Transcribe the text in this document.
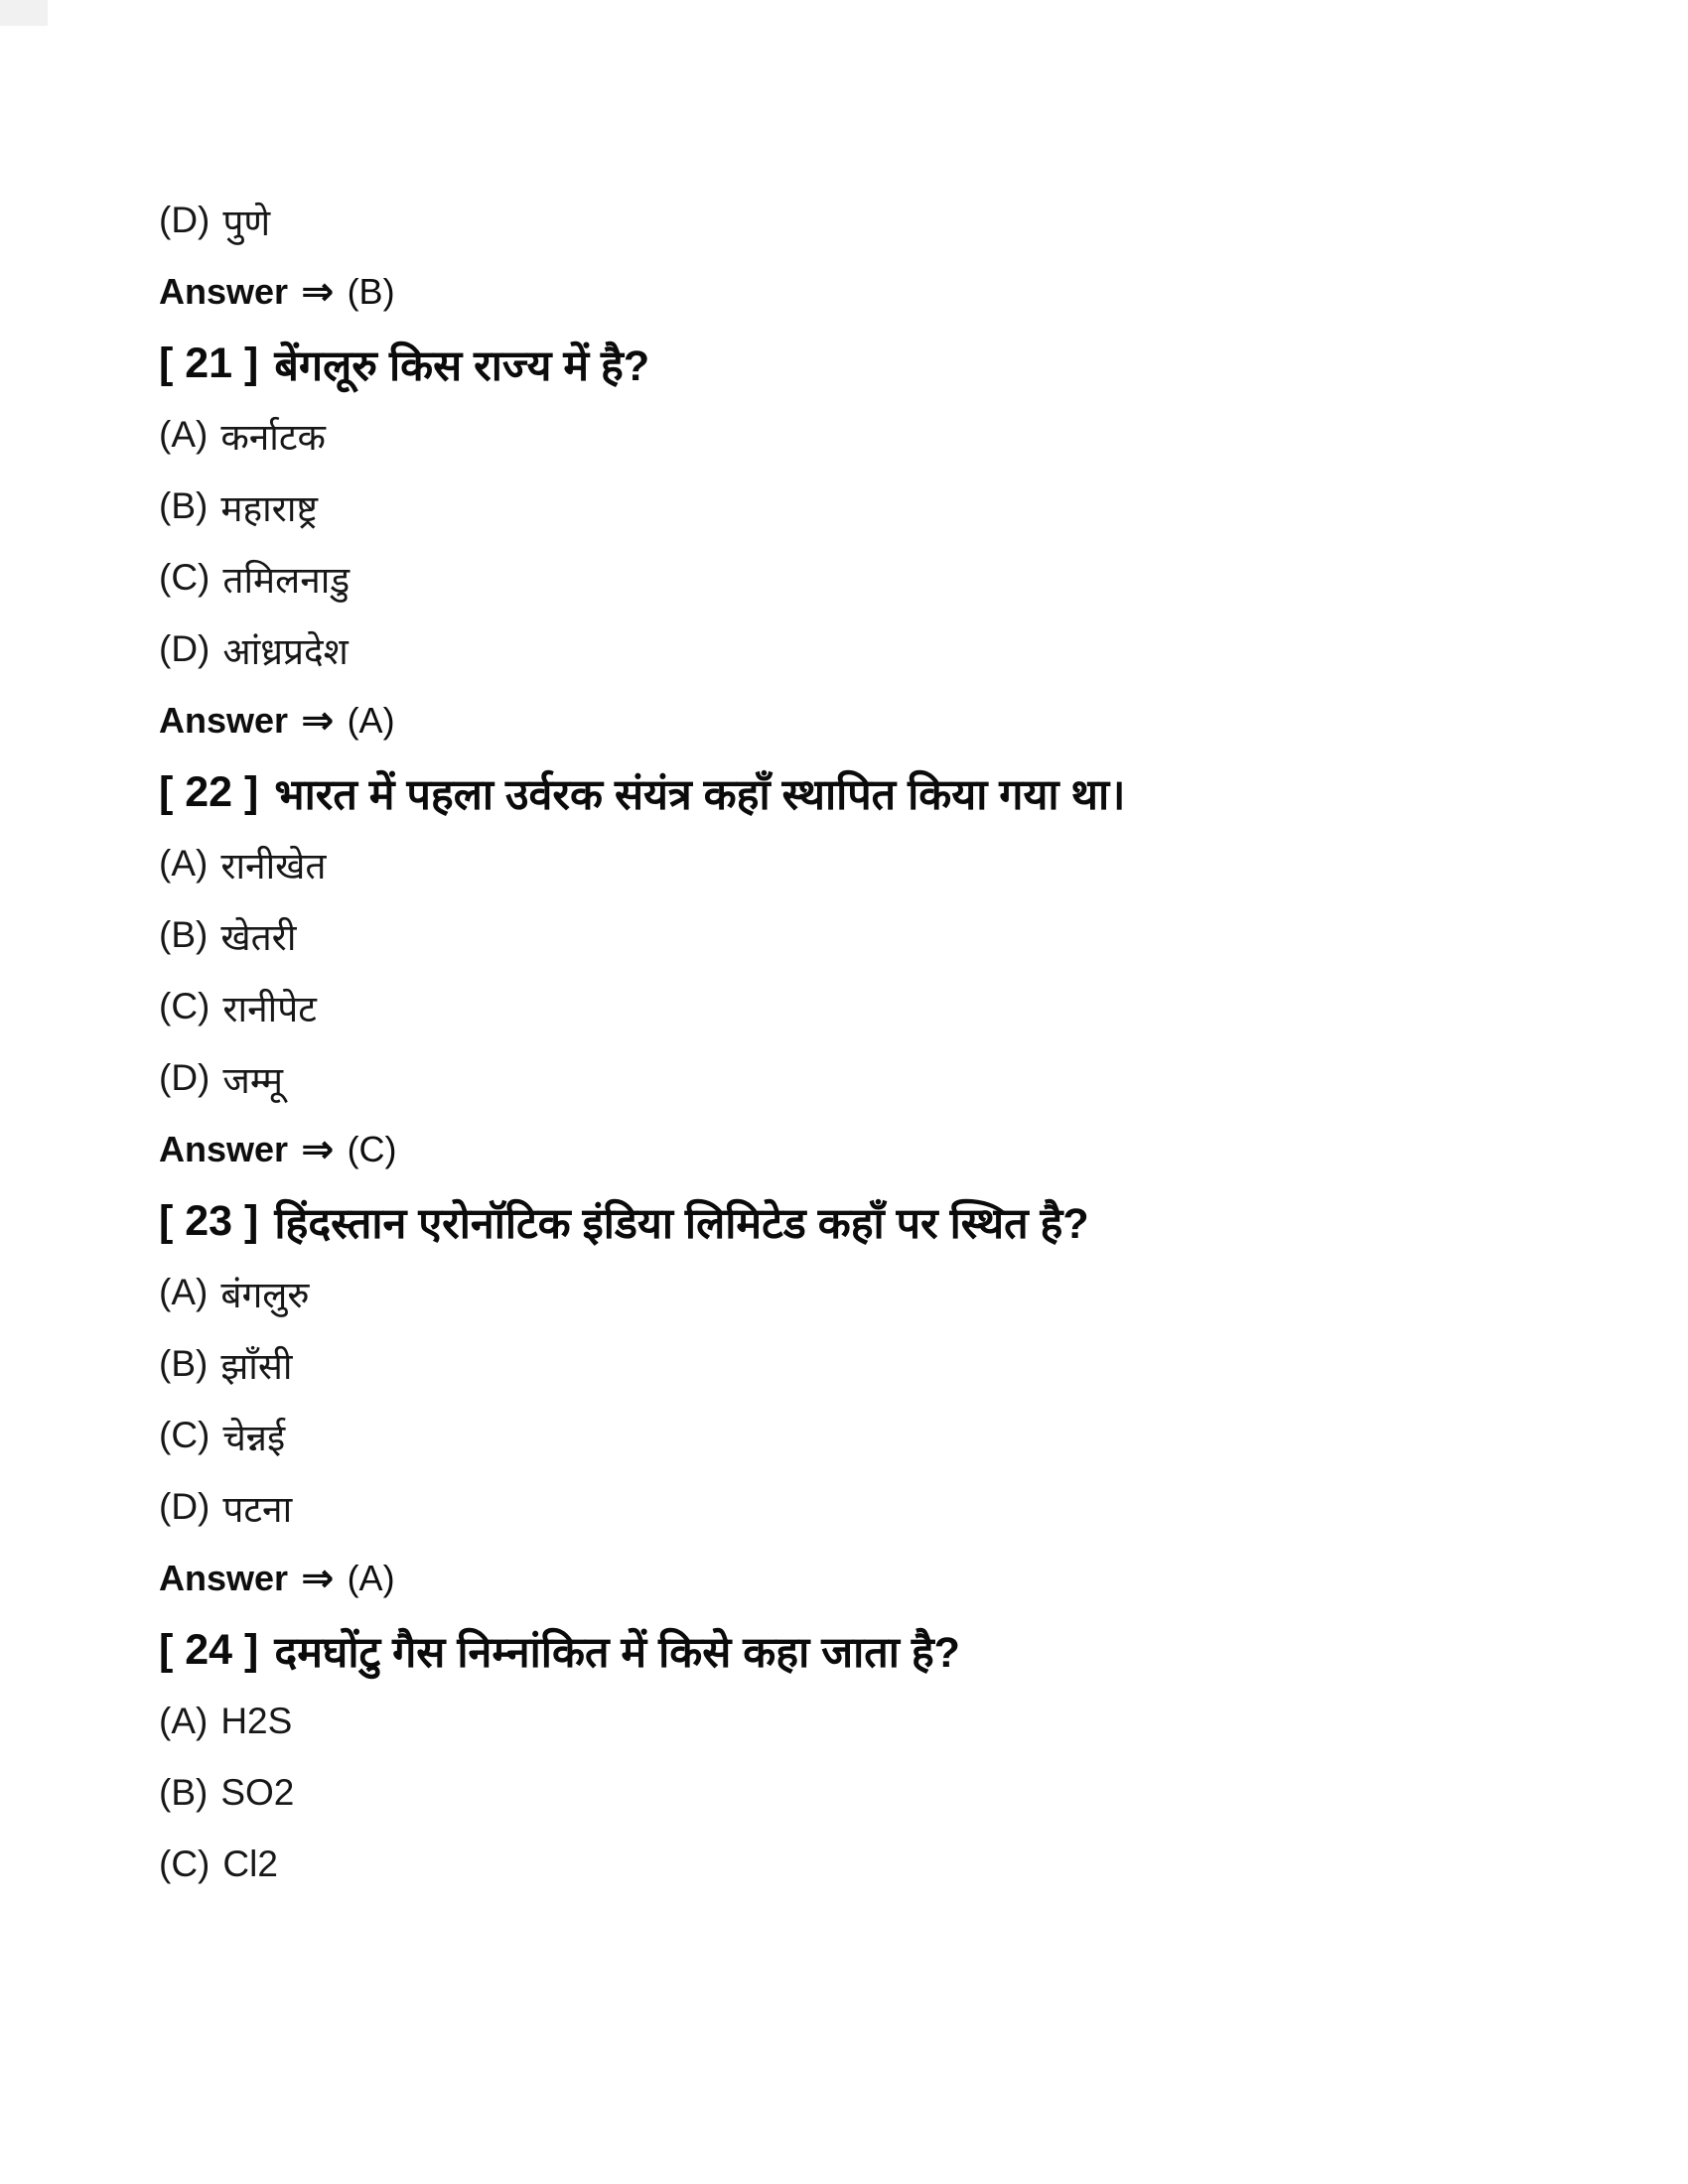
(D) पुणे
Answer ⇒ (B)
[ 21 ] बेंगलूरु किस राज्य में है?
(A) कर्नाटक
(B) महाराष्ट्र
(C) तमिलनाडु
(D) आंध्रप्रदेश
Answer ⇒ (A)
[ 22 ] भारत में पहला उर्वरक संयंत्र कहाँ स्थापित किया गया था।
(A) रानीखेत
(B) खेतरी
(C) रानीपेट
(D) जम्मू
Answer ⇒ (C)
[ 23 ] हिंदस्तान एरोनॉटिक इंडिया लिमिटेड कहाँ पर स्थित है?
(A) बंगलुरु
(B) झाँसी
(C) चेन्नई
(D) पटना
Answer ⇒ (A)
[ 24 ] दमघोंटु गैस निम्नांकित में किसे कहा जाता है?
(A) H2S
(B) SO2
(C) Cl2
